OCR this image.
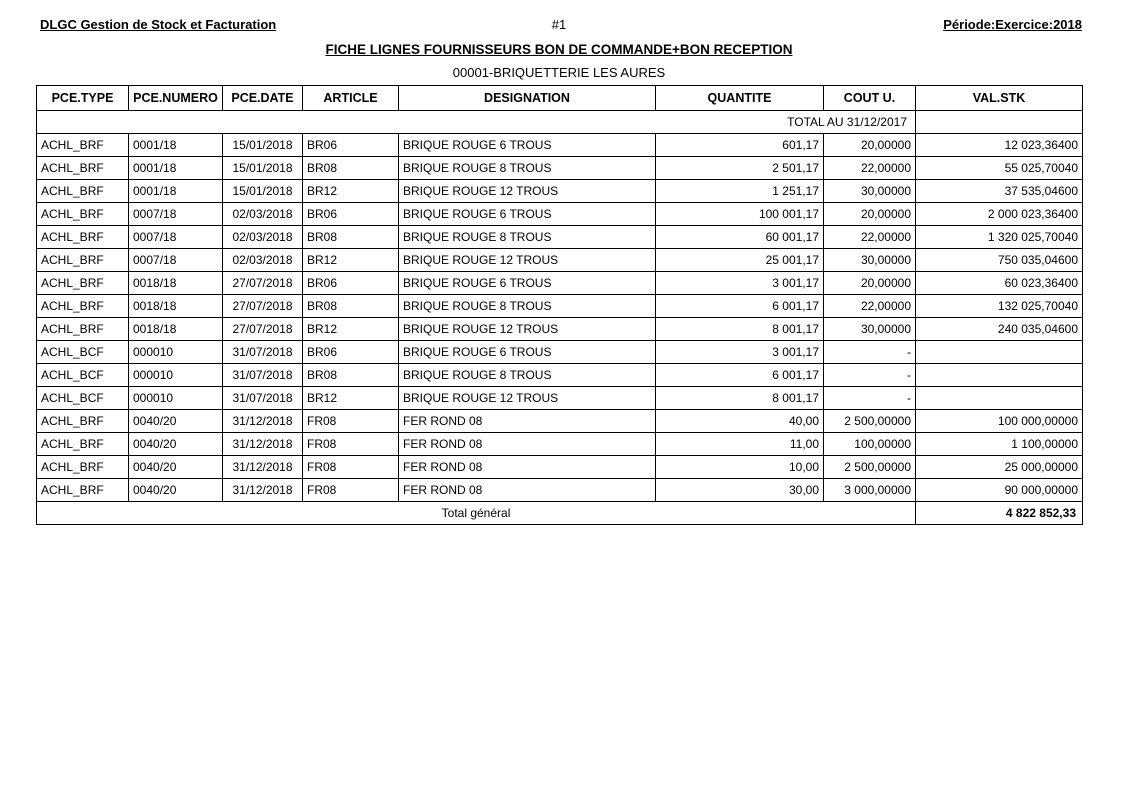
DLGC Gestion de Stock et Facturation	#1	Période:Exercice:2018
FICHE LIGNES FOURNISSEURS BON DE COMMANDE+BON RECEPTION
00001-BRIQUETTERIE LES AURES
PCE.TYPE	PCE.NUMERO	PCE.DATE	ARTICLE	DESIGNATION	QUANTITE	COUT U.	VAL.STK
TOTAL AU 31/12/2017							
ACHL_BRF	0001/18	15/01/2018	BR06	BRIQUE ROUGE 6 TROUS	601,17	20,00000	12 023,36400
ACHL_BRF	0001/18	15/01/2018	BR08	BRIQUE ROUGE 8 TROUS	2 501,17	22,00000	55 025,70040
ACHL_BRF	0001/18	15/01/2018	BR12	BRIQUE ROUGE 12 TROUS	1 251,17	30,00000	37 535,04600
ACHL_BRF	0007/18	02/03/2018	BR06	BRIQUE ROUGE 6 TROUS	100 001,17	20,00000	2 000 023,36400
ACHL_BRF	0007/18	02/03/2018	BR08	BRIQUE ROUGE 8 TROUS	60 001,17	22,00000	1 320 025,70040
ACHL_BRF	0007/18	02/03/2018	BR12	BRIQUE ROUGE 12 TROUS	25 001,17	30,00000	750 035,04600
ACHL_BRF	0018/18	27/07/2018	BR06	BRIQUE ROUGE 6 TROUS	3 001,17	20,00000	60 023,36400
ACHL_BRF	0018/18	27/07/2018	BR08	BRIQUE ROUGE 8 TROUS	6 001,17	22,00000	132 025,70040
ACHL_BRF	0018/18	27/07/2018	BR12	BRIQUE ROUGE 12 TROUS	8 001,17	30,00000	240 035,04600
ACHL_BCF	000010	31/07/2018	BR06	BRIQUE ROUGE 6 TROUS	3 001,17	-	
ACHL_BCF	000010	31/07/2018	BR08	BRIQUE ROUGE 8 TROUS	6 001,17	-	
ACHL_BCF	000010	31/07/2018	BR12	BRIQUE ROUGE 12 TROUS	8 001,17	-	
ACHL_BRF	0040/20	31/12/2018	FR08	FER ROND 08	40,00	2 500,00000	100 000,00000
ACHL_BRF	0040/20	31/12/2018	FR08	FER ROND 08	11,00	100,00000	1 100,00000
ACHL_BRF	0040/20	31/12/2018	FR08	FER ROND 08	10,00	2 500,00000	25 000,00000
ACHL_BRF	0040/20	31/12/2018	FR08	FER ROND 08	30,00	3 000,00000	90 000,00000
Total général							4 822 852,33
